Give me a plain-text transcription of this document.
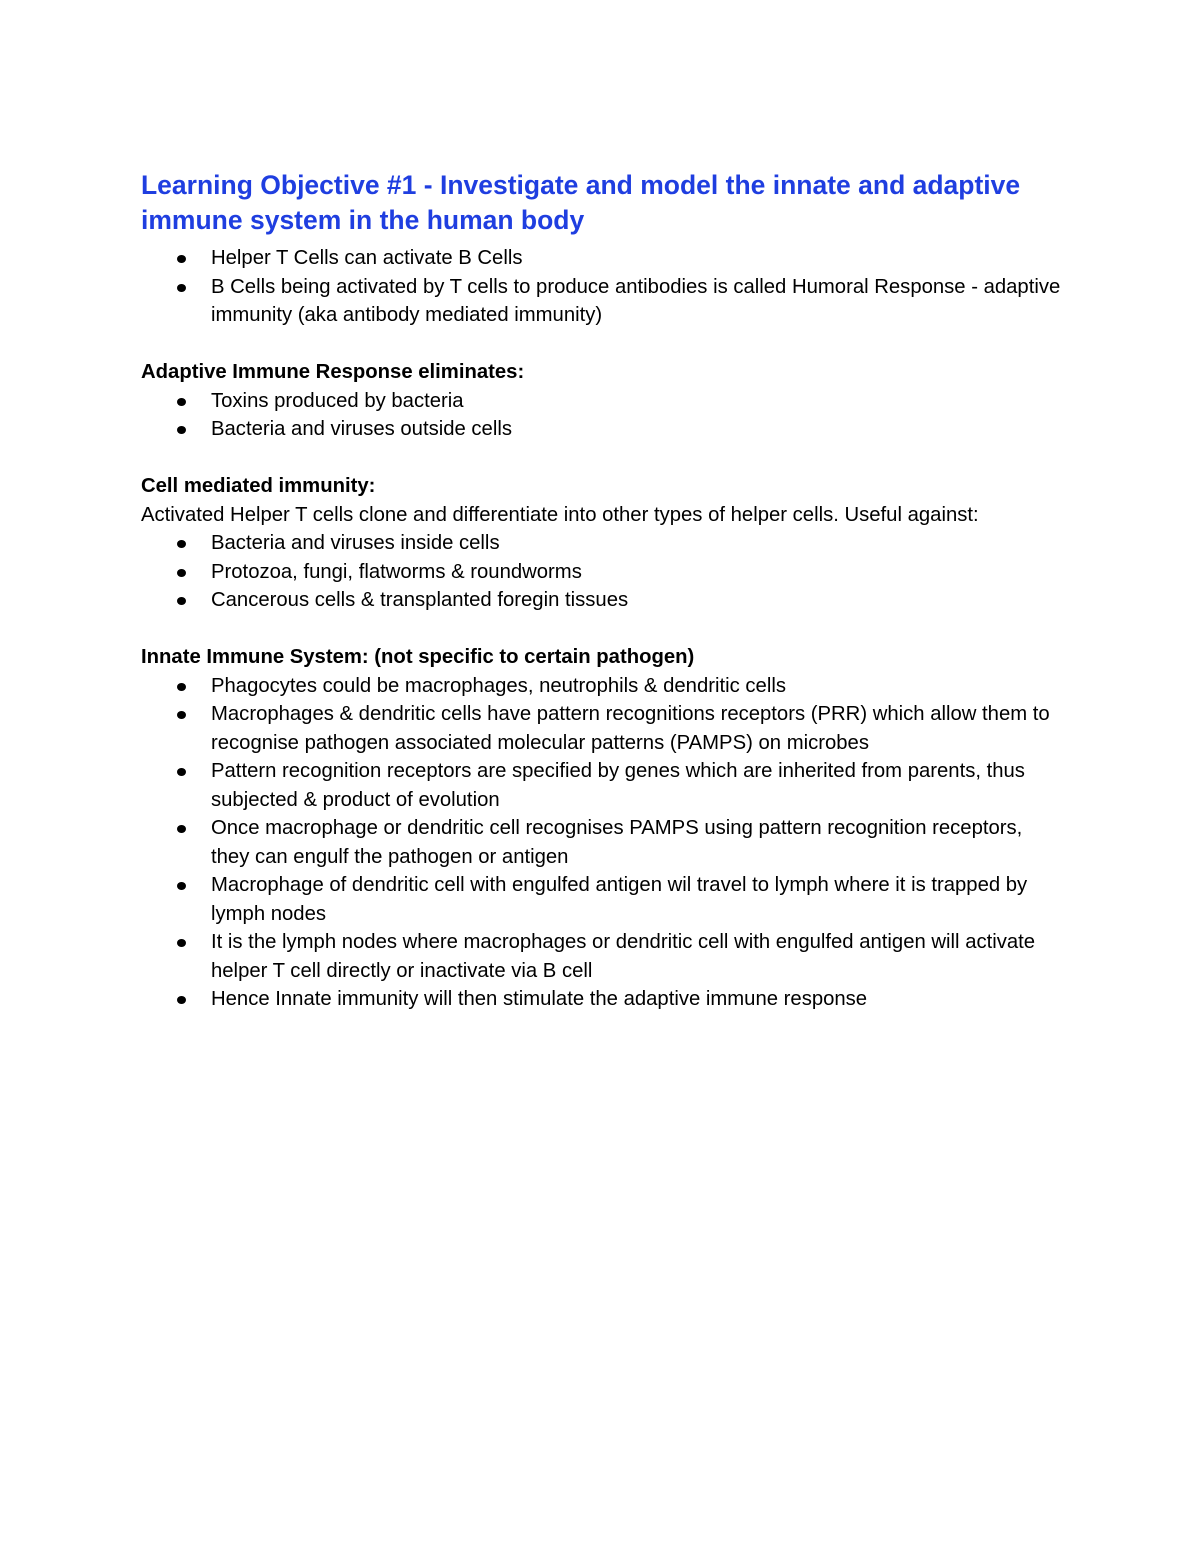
Learning Objective #1 - Investigate and model the innate and adaptive immune system in the human body
Helper T Cells can activate B Cells
B Cells being activated by T cells to produce antibodies is called Humoral Response - adaptive immunity (aka antibody mediated immunity)

Adaptive Immune Response eliminates:

Toxins produced by bacteria
Bacteria and viruses outside cells

Cell mediated immunity:

Activated Helper T cells clone and differentiate into other types of helper cells. Useful against:

Bacteria and viruses inside cells
Protozoa, fungi, flatworms & roundworms
Cancerous cells & transplanted foregin tissues

Innate Immune System: (not specific to certain pathogen)

Phagocytes could be macrophages, neutrophils & dendritic cells
Macrophages & dendritic cells have pattern recognitions receptors (PRR) which allow them to recognise pathogen associated molecular patterns (PAMPS) on microbes
Pattern recognition receptors are specified by genes which are inherited from parents, thus subjected & product of evolution
Once macrophage or dendritic cell recognises PAMPS using pattern recognition receptors, they can engulf the pathogen or antigen
Macrophage of dendritic cell with engulfed antigen wil travel to lymph where it is trapped by lymph nodes
It is the lymph nodes where macrophages or dendritic cell with engulfed antigen will activate helper T cell directly or inactivate via B cell
Hence Innate immunity will then stimulate the adaptive immune response
